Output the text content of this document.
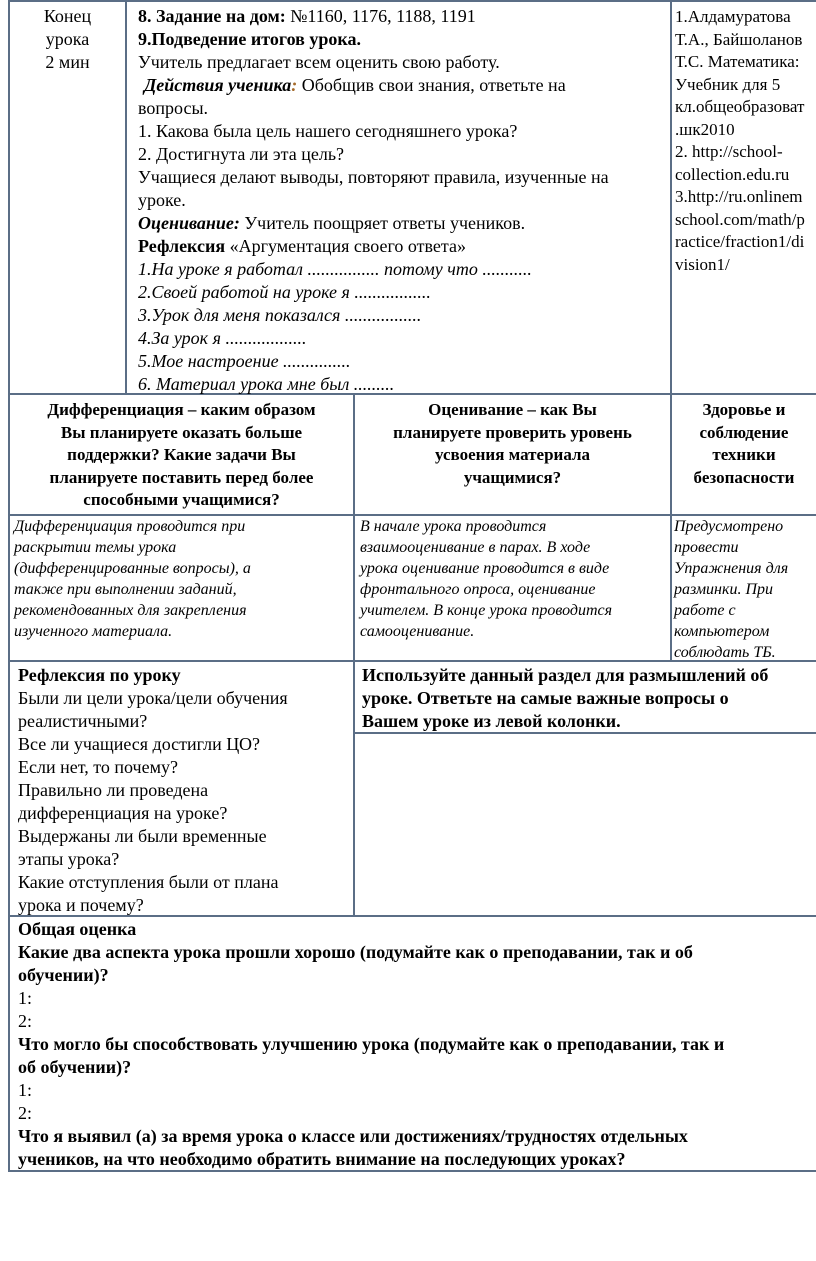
Конец
урока
2 мин
8. Задание на дом: №1160, 1176, 1188, 1191
9.Подведение итогов урока.
Учитель предлагает всем оценить свою работу.
Действия ученика: Обобщив свои знания, ответьте на вопросы.
1. Какова была цель нашего сегодняшнего урока?
2. Достигнута ли эта цель?
Учащиеся делают выводы, повторяют правила, изученные на уроке.
Оценивание: Учитель поощряет ответы учеников.
Рефлексия «Аргументация своего ответа»
1.На уроке я работал ................ потому что ...........
2.Своей работой на уроке я .................
3.Урок для меня показался .................
4.За урок я ..................
5.Мое настроение ...............
6. Материал урока мне был .........
1.Алдамуратова
Т.А., Байшоланов
Т.С. Математика:
Учебник для 5
кл.общеобразоват
.шк2010
2. http://school-
collection.edu.ru
3.http://ru.onlinem
school.com/math/p
ractice/fraction1/di
vision1/
Дифференциация – каким образом
Вы планируете оказать больше
поддержки? Какие задачи Вы
планируете поставить перед более
способными учащимися?
Оценивание – как Вы
планируете проверить уровень
усвоения материала
учащимися?
Здоровье и
соблюдение
техники
безопасности
Дифференциация проводится при
раскрытии темы урока
(дифференцированные вопросы), а
также при выполнении заданий,
рекомендованных для закрепления
изученного материала.
В начале урока проводится
взаимооценивание в парах. В ходе
урока оценивание проводится в виде
фронтального опроса, оценивание
учителем. В конце урока проводится
самооценивание.
Предусмотрено
провести
Упражнения для
разминки. При
работе с
компьютером
соблюдать ТБ.
Рефлексия по уроку
Были ли цели урока/цели обучения
реалистичными?
Все ли учащиеся достигли ЦО?
Если нет, то почему?
Правильно ли проведена
дифференциация на уроке?
Выдержаны ли были временные
этапы урока?
Какие отступления были от плана
урока и почему?
Используйте данный раздел для размышлений об
уроке. Ответьте на самые важные вопросы о
Вашем уроке из левой колонки.
Общая оценка
Какие два аспекта урока прошли хорошо (подумайте как о преподавании, так и об
обучении)?
1:
2:
Что могло бы способствовать улучшению урока (подумайте как о преподавании, так и
об обучении)?
1:
2:
Что я выявил (а) за время урока о классе или достижениях/трудностях отдельных
учеников, на что необходимо обратить внимание на последующих уроках?
